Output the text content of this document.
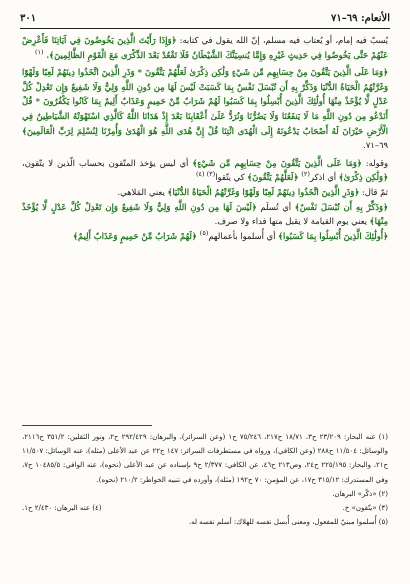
الأنعام: ٦٩–٧١
٣٠١

يُسبّ فيه إمام، أو يُعتاب فيه مسلم، إنّ الله يقول في كتابه: ﴿وَإِذَا رَأَيْتَ الَّذِينَ يَخُوضُونَ فِي آيَاتِنَا فَأَعْرِضْ عَنْهُمْ حَتَّى يَخُوضُوا فِي حَدِيثٍ غَيْرِهِ وَإِمَّا يُنسِيَنَّكَ الشَّيْطَانُ فَلَا تَقْعُدْ بَعْدَ الذِّكْرَى مَعَ الْقَوْمِ الظَّالِمِينَ﴾. $^{(١)}$

﴿وَمَا عَلَى الَّذِينَ يَتَّقُونَ مِنْ حِسَابِهِم مِّن شَيْءٍ وَلَٰكِن ذِكْرَىٰ لَعَلَّهُمْ يَتَّقُونَ * وَذَرِ الَّذِينَ اتَّخَذُوا دِينَهُمْ لَعِبًا وَلَهْوًا وَغَرَّتْهُمُ الْحَيَاةُ الدُّنْيَا وَذَكِّرْ بِهِ أَن تُبْسَلَ نَفْسٌ بِمَا كَسَبَتْ لَيْسَ لَهَا مِن دُونِ اللَّهِ وَلِيٌّ وَلَا شَفِيعٌ وَإِن تَعْدِلْ كُلَّ عَدْلٍ لَّا يُؤْخَذْ مِنْهَا أُولَٰئِكَ الَّذِينَ أُبْسِلُوا بِمَا كَسَبُوا لَهُمْ شَرَابٌ مِّنْ حَمِيمٍ وَعَذَابٌ أَلِيمٌ بِمَا كَانُوا يَكْفُرُونَ * قُلْ أَنَدْعُو مِن دُونِ اللَّهِ مَا لَا يَنفَعُنَا وَلَا يَضُرُّنَا وَنُرَدُّ عَلَىٰ أَعْقَابِنَا بَعْدَ إِذْ هَدَانَا اللَّهُ كَالَّذِي اسْتَهْوَتْهُ الشَّيَاطِينُ فِي الْأَرْضِ حَيْرَانَ لَهُ أَصْحَابٌ يَدْعُونَهُ إِلَى الْهُدَى ائْتِنَا قُلْ إِنَّ هُدَى اللَّهِ هُوَ الْهُدَىٰ وَأُمِرْنَا لِنُسْلِمَ لِرَبِّ الْعَالَمِينَ﴾ ٦٩–٧١.

وقوله: ﴿وَمَا عَلَى الَّذِينَ يَتَّقُونَ مِنْ حِسَابِهِم مِّن شَيْءٍ﴾ أي ليس يؤخذ المتّقون بحساب الّذين لا يتّقون، ﴿وَلَٰكِن ذِكْرَىٰ﴾ أي اذكر$^{(٢)}$ ﴿لَعَلَّهُمْ يَتَّقُونَ﴾ كي يتّقوا$^{(٣) (٤)}$

ثمّ قال: ﴿وَذَرِ الَّذِينَ اتَّخَذُوا دِينَهُمْ لَعِبًا وَلَهْوًا وَغَرَّتْهُمُ الْحَيَاةُ الدُّنْيَا﴾ يعني المَلاهي.

﴿وَذَكِّرْ بِهِ أَن تُبْسَلَ نَفْسٌ﴾ أي تُسلَم ﴿لَيْسَ لَهَا مِن دُونِ اللَّهِ وَلِيٌّ وَلَا شَفِيعٌ وَإِن تَعْدِلْ كُلَّ عَدْلٍ لَّا يُؤْخَذْ مِنْهَا﴾ يعني يوم القيامة لا يقبل منها فداء ولا صرف.

﴿أُولَٰئِكَ الَّذِينَ أُبْسِلُوا بِمَا كَسَبُوا﴾ أي أُسلموا بأعمالهم$^{(٥)}$ ﴿لَهُمْ شَرَابٌ مِّنْ حَمِيمٍ وَعَذَابٌ أَلِيمٌ﴾

(١) عنه البحار: ٢٣/٢٠٩ ح٣، ١٨/٧١ ح٢١٧، ٧٥/٢٤٦ ح١ (وعن السرائر)، والبرهان: ٢٩٢/٤٢٩ ح٢، ونور الثقلين: ٣٥١/٢ ح٢١١٦، والوسائل: ١١/٥٠٤ ح٢٨٨ (وعن الكافي)، ورواه في مستطرفات السرائر: ١٤٧ ح٢٢ عن عبد الأعلى (مثله)، عنه الوسائل: ١١/٥٠٧ ح٢١، والبحار: ٢٢٥/١٩٥ ح٢٤، وص٢١٣ ح٤٦، عن الكافي: ٢/٣٧٧ ح٩ بإسناده عن عبد الأعلى (نحوه)، عنه الوافي: ١٠٤٨٥/٥ ح٧، وفي المستدرك: ٣١٥/١٢ ح١٧، عن المؤمن: ٧٠ ح١٩٢ (مثله)، وأورده في تنبيه الخواطر: ٢١٠/٢ (نحوه).

(٢) «ذكّر» البرهان.

(٣) «يتّقون» خ.
(٤) عنه البرهان: ٢/٤٣٠ ح١.

(٥) أُسلموا مبنيّ للمفعول، ومعنى أُبسل نفسه للهلاك: أسلم نفسه له.
